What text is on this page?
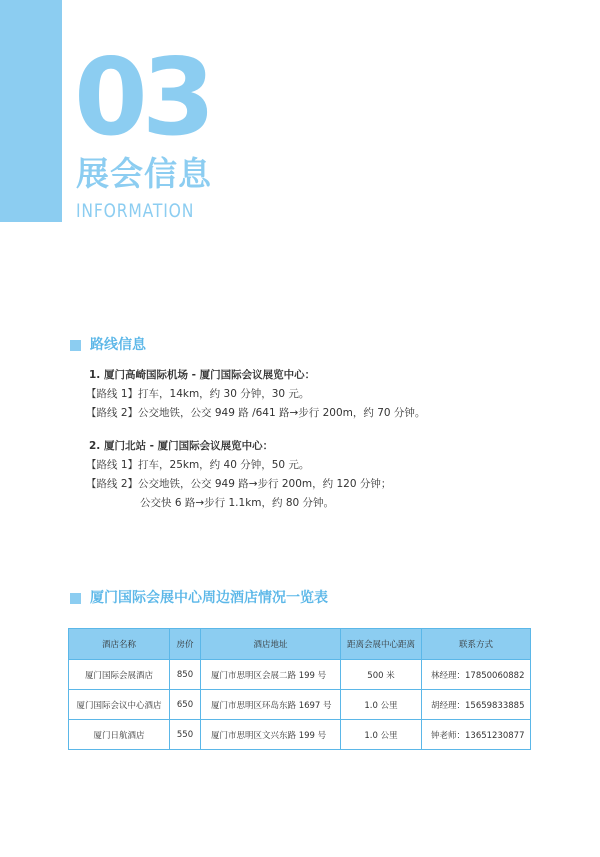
03
展会信息
INFORMATION
路线信息
1. 厦门高崎国际机场 - 厦门国际会议展览中心：
【路线 1】打车，14km，约 30 分钟，30 元。
【路线 2】公交地铁，公交 949 路 /641 路→步行 200m，约 70 分钟。
2. 厦门北站 - 厦门国际会议展览中心：
【路线 1】打车，25km，约 40 分钟，50 元。
【路线 2】公交地铁，公交 949 路→步行 200m，约 120 分钟；
公交快 6 路→步行 1.1km，约 80 分钟。
厦门国际会展中心周边酒店情况一览表
酒店名称	房价	酒店地址	距离会展中心距离	联系方式
厦门国际会展酒店	850	厦门市思明区会展二路 199 号	500 米	林经理：17850060882
厦门国际会议中心酒店	650	厦门市思明区环岛东路 1697 号	1.0 公里	胡经理：15659833885
厦门日航酒店	550	厦门市思明区文兴东路 199 号	1.0 公里	钟老师：13651230877
